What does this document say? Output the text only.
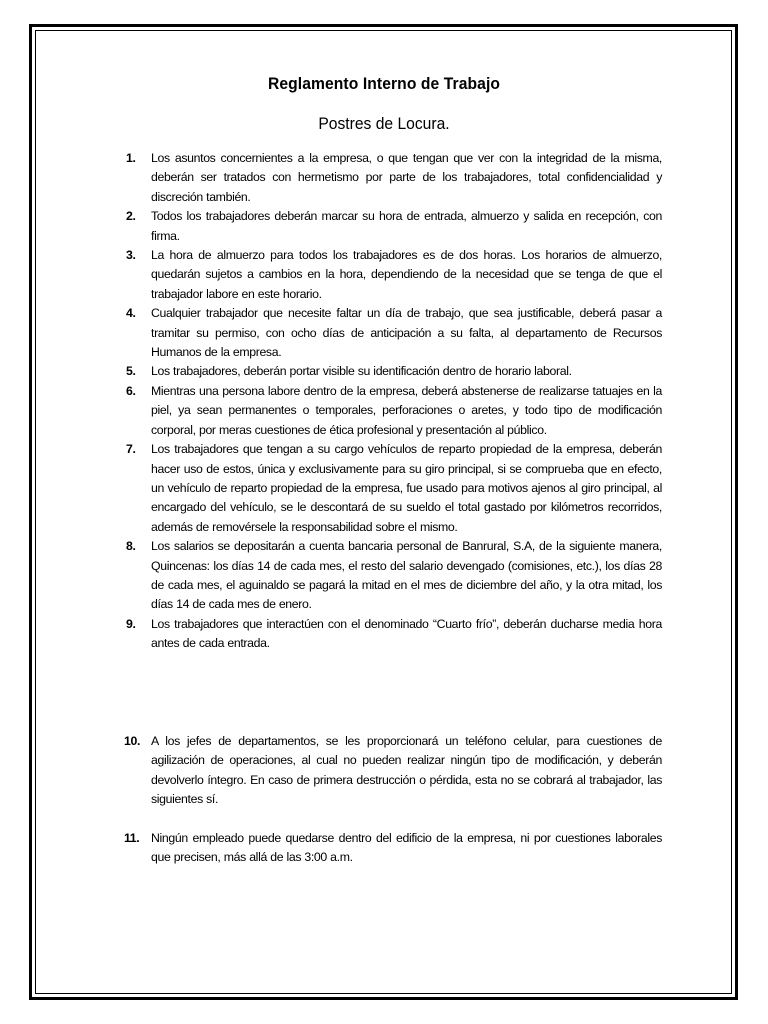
Reglamento Interno de Trabajo
Postres de Locura.
1.	Los asuntos concernientes a la empresa, o que tengan que ver con la integridad de la misma, deberán ser tratados con hermetismo por parte de los trabajadores, total confidencialidad y discreción también.
2.	Todos los trabajadores deberán marcar su hora de entrada, almuerzo y salida en recepción, con firma.
3.	La hora de almuerzo para todos los trabajadores es de dos horas. Los horarios de almuerzo, quedarán sujetos a cambios en la hora, dependiendo de la necesidad que se tenga de que el trabajador labore en este horario.
4.	Cualquier trabajador que necesite faltar un día de trabajo, que sea justificable, deberá pasar a tramitar su permiso, con ocho días de anticipación a su falta, al departamento de Recursos Humanos de la empresa.
5.	Los trabajadores, deberán portar visible su identificación dentro de horario laboral.
6.	Mientras una persona labore dentro de la empresa, deberá abstenerse de realizarse tatuajes en la piel, ya sean permanentes o temporales, perforaciones o aretes, y todo tipo de modificación corporal, por meras cuestiones de ética profesional y presentación al público.
7.	Los trabajadores que tengan a su cargo vehículos de reparto propiedad de la empresa, deberán hacer uso de estos, única y exclusivamente para su giro principal, si se comprueba que en efecto, un vehículo de reparto propiedad de la empresa, fue usado para motivos ajenos al giro principal, al encargado del vehículo, se le descontará de su sueldo el total gastado por kilómetros recorridos, además de removérsele la responsabilidad sobre el mismo.
8.	Los salarios se depositarán a cuenta bancaria personal de Banrural, S.A, de la siguiente manera, Quincenas: los días 14 de cada mes, el resto del salario devengado (comisiones, etc.), los días 28 de cada mes, el aguinaldo se pagará la mitad en el mes de diciembre del año, y la otra mitad, los días 14 de cada mes de enero.
9.	Los trabajadores que interactúen con el denominado “Cuarto frío”, deberán ducharse media hora antes de cada entrada.
10. A los jefes de departamentos, se les proporcionará un teléfono celular, para cuestiones de agilización de operaciones, al cual no pueden realizar ningún tipo de modificación, y deberán devolverlo íntegro. En caso de primera destrucción o pérdida, esta no se cobrará al trabajador, las siguientes sí.
11. Ningún empleado puede quedarse dentro del edificio de la empresa, ni por cuestiones laborales que precisen, más allá de las 3:00 a.m.
